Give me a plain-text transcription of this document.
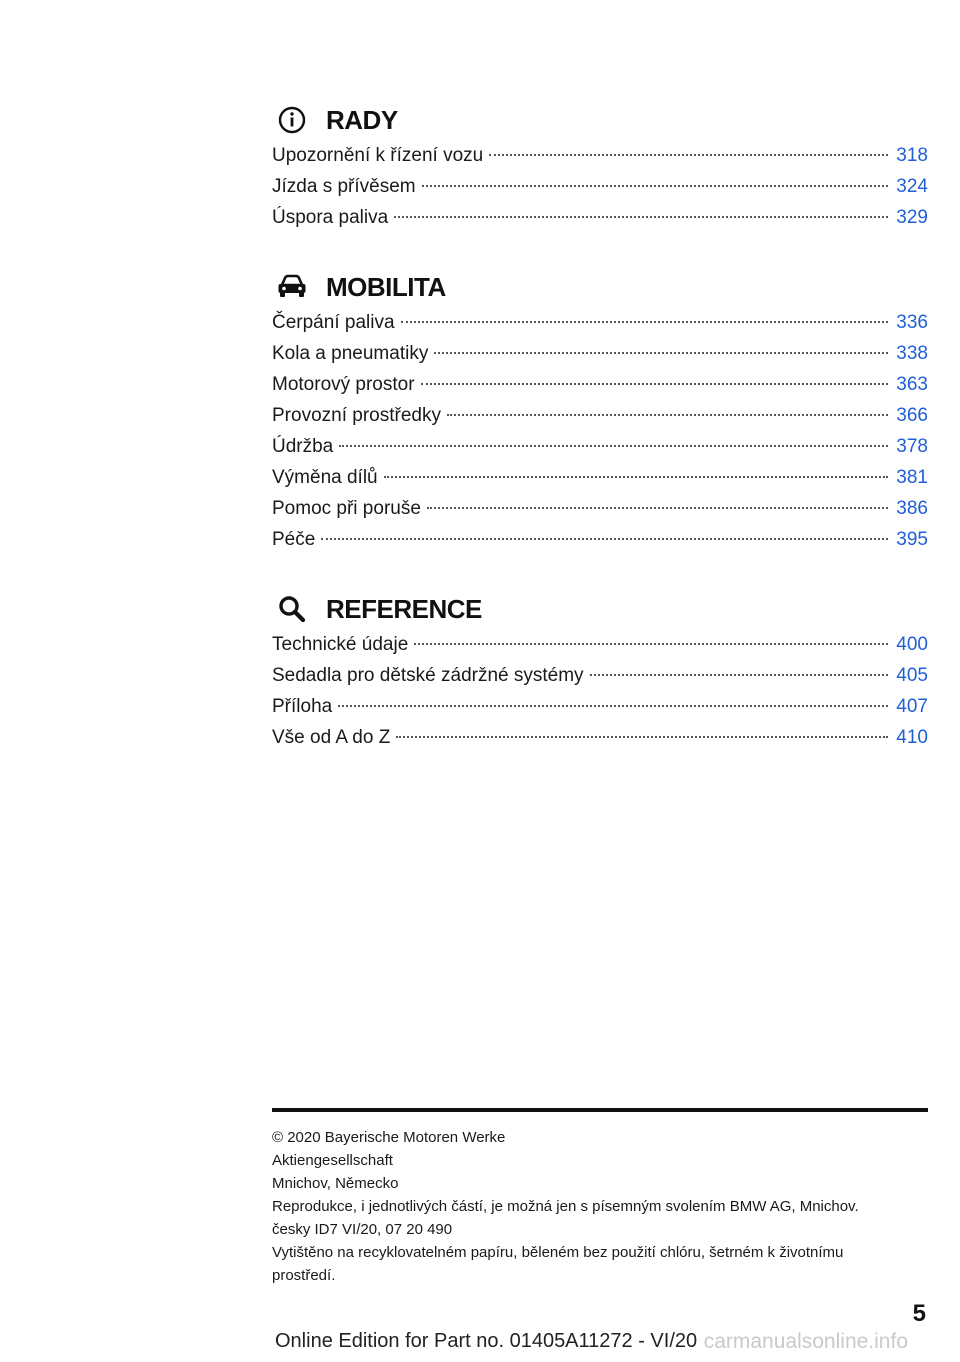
RADY
Upozornění k řízení vozu	318
Jízda s přívěsem	324
Úspora paliva	329
MOBILITA
Čerpání paliva	336
Kola a pneumatiky	338
Motorový prostor	363
Provozní prostředky	366
Údržba	378
Výměna dílů	381
Pomoc při poruše	386
Péče	395
REFERENCE
Technické údaje	400
Sedadla pro dětské zádržné systémy	405
Příloha	407
Vše od A do Z	410

© 2020 Bayerische Motoren Werke

Aktiengesellschaft

Mnichov, Německo

Reprodukce, i jednotlivých částí, je možná jen s písemným svolením BMW AG, Mnichov.

česky ID7 VI/20, 07 20 490

Vytištěno na recyklovatelném papíru, běleném bez použití chlóru, šetrném k životnímu

prostředí.

5
Online Edition for Part no. 01405A11272 - VI/20 carmanualsonline.info
